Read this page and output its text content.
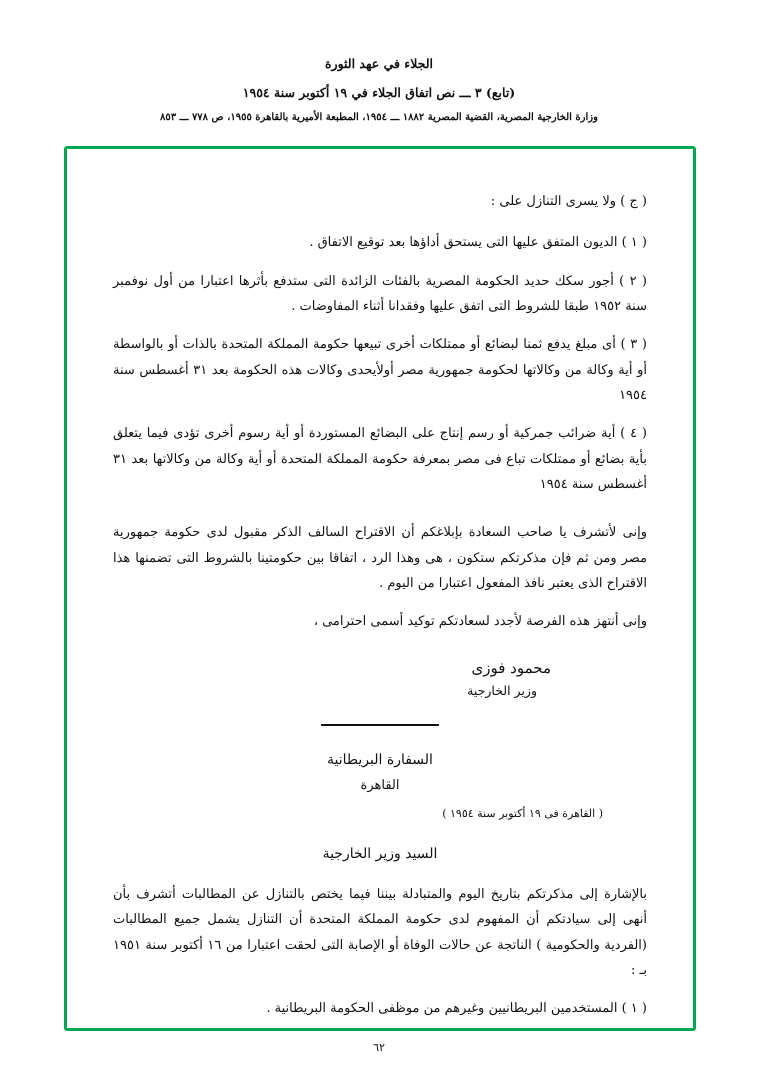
الجلاء في عهد الثورة
(تابع) ٣ ـــ نص اتفاق الجلاء في ١٩ أكتوبر سنة ١٩٥٤
وزارة الخارجية المصرية، القضية المصرية ١٨٨٢ ـــ ١٩٥٤، المطبعة الأميرية بالقاهرة ١٩٥٥، ص ٧٧٨ ـــ ٨٥٣

( ج ) ولا يسرى التنازل على :

( ١ ) الديون المتفق عليها التى يستحق أداؤها بعد توقيع الاتفاق .

( ٢ ) أجور سكك حديد الحكومة المصرية بالفئات الزائدة التى ستدفع بأثرها اعتبارا من أول نوفمبر سنة ١٩٥٢ طبقا للشروط التى اتفق عليها وفقدانا أثناء المفاوضات .

( ٣ ) أى مبلغ يدفع ثمنا لبضائع أو ممتلكات أخرى تبيعها حكومة المملكة المتحدة بالذات أو بالواسطة أو أية وكالة من وكالاتها لحكومة جمهورية مصر أولأيحدى وكالات هذه الحكومة بعد ٣١ أغسطس سنة ١٩٥٤

( ٤ ) أية ضرائب جمركية أو رسم إنتاج على البضائع المستوردة أو أية رسوم أخرى تؤدى فيما يتعلق بأية بضائع أو ممتلكات تباع فى مصر بمعرفة حكومة المملكة المتحدة أو أية وكالة من وكالاتها بعد ٣١ أغسطس سنة ١٩٥٤

وإنى لأتشرف يا صاحب السعادة بإبلاغكم أن الاقتراح السالف الذكر مقبول لدى حكومة جمهورية مصر ومن ثم فإن مذكرتكم ستكون ، هى وهذا الرد ، اتفاقا بين حكومتينا بالشروط التى تضمنها هذا الاقتراح الذى يعتبر نافذ المفعول اعتبارا من اليوم .

وإنى أنتهز هذه الفرصة لأجدد لسعادتكم توكيد أسمى احترامى ،

محمود فوزى
وزير الخارجية
السفارة البريطانية
القاهرة
( القاهرة فى ١٩ أكتوبر سنة ١٩٥٤ )
السيد وزير الخارجية

بالإشارة إلى مذكرتكم بتاريخ اليوم والمتبادلة بيننا فيما يختص بالتنازل عن المطالبات أتشرف بأن أنهى إلى سيادتكم أن المفهوم لدى حكومة المملكة المتحدة أن التنازل يشمل جميع المطالبات (الفردية والحكومية ) الناتجة عن حالات الوفاة أو الإصابة التى لحقت اعتبارا من ١٦ أكتوبر سنة ١٩٥١ بـ :

( ١ ) المستخدمين البريطانيين وغيرهم من موظفى الحكومة البريطانية .

٦٢
